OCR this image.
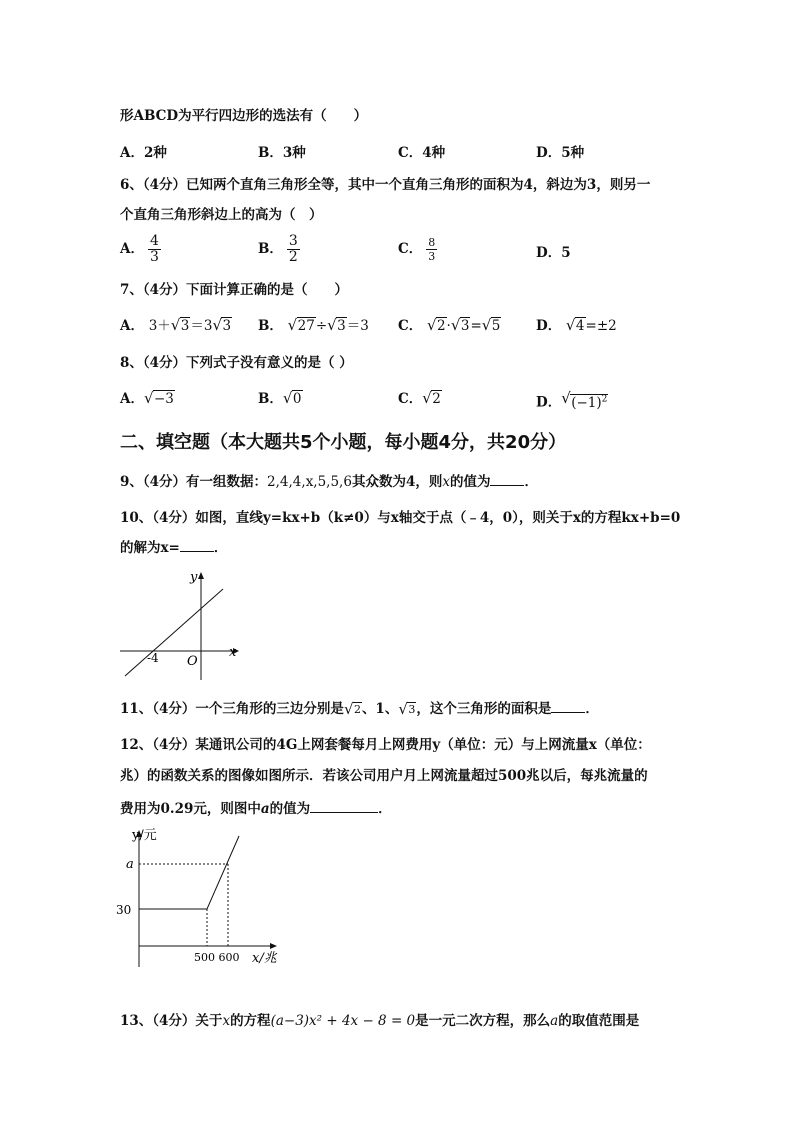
形ABCD为平行四边形的选法有（　　）
A．2种	B．3种	C．4种	D．5种
6、（4分）已知两个直角三角形全等，其中一个直角三角形的面积为4，斜边为3，则另一
个直角三角形斜边上的高为（　）
A． $\frac{4}{3}$	B． $\frac{3}{2}$	C． $\frac{8}{3}$	D．5
7、（4分）下面计算正确的是（　　）
A． 3＋ √ 3＝3 √ 3 B． √ 27÷ √ 3＝3 C． √ 2· √ 3= √ 5	D． √ 4=±2
8、（4分）下列式子没有意义的是（ ）
A． √ −3	B． √ 0	C． √ 2	D． √ $(-1)^2$
二、填空题（本大题共5个小题，每小题4分，共20分）
9、（4分）有一组数据：2,4,4,x,5,5,6其众数为4，则x的值为	．
10、（4分）如图，直线y=kx+b（k≠0）与x轴交于点（﹣4，0），则关于x的方程kx+b=0
的解为x=	．
y
x
-4 O
11、（4分）一个三角形的三边分别是 √ 2、1、 √ 3，这个三角形的面积是	．
12、（4分）某通讯公司的4G上网套餐每月上网费用y（单位：元）与上网流量x（单位：
兆）的函数关系的图像如图所示．若该公司用户月上网流量超过500兆以后，每兆流量的
费用为0.29元，则图中a的值为	．
y/元
a
30
500 600 x/兆
13、（4分）关于x的方程(a−3)x² + 4x − 8 = 0是一元二次方程，那么a的取值范围是
